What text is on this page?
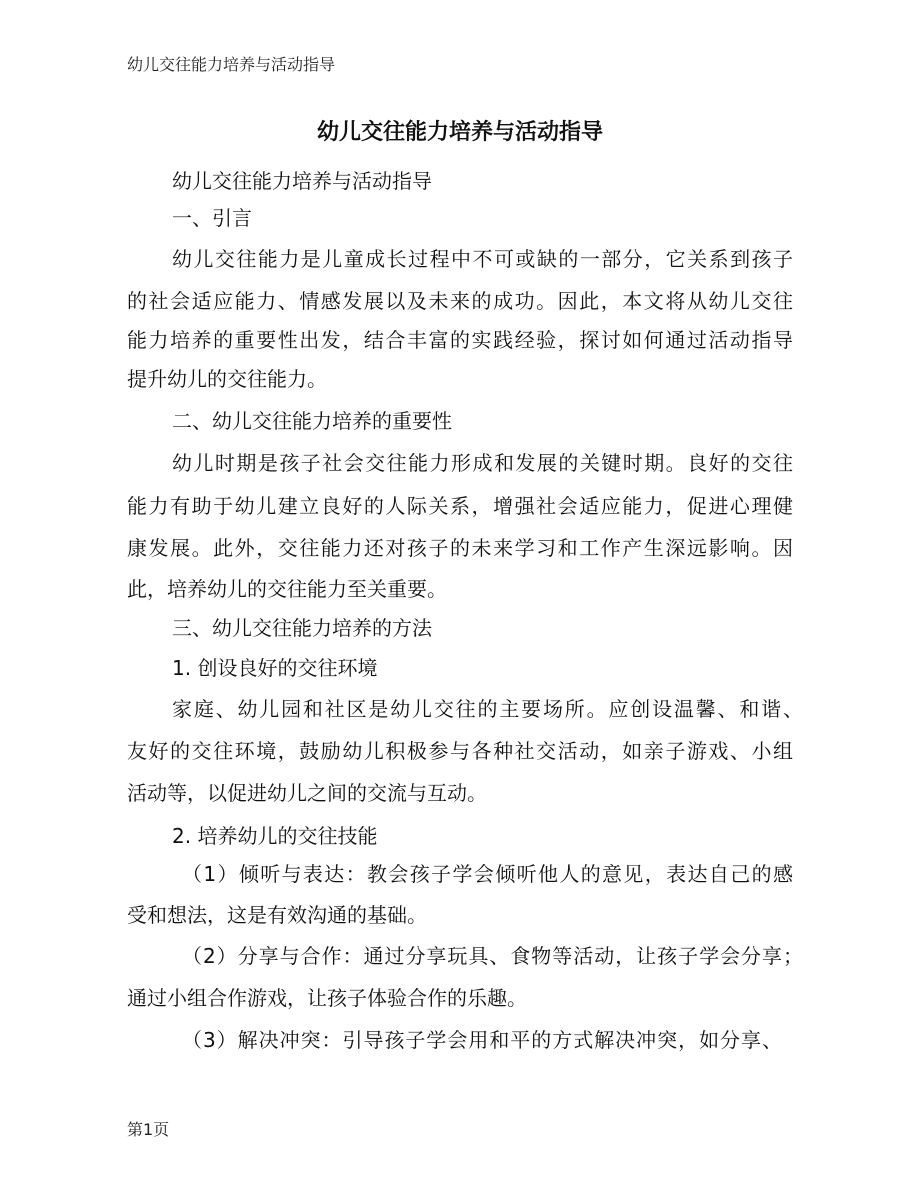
幼儿交往能力培养与活动指导
幼儿交往能力培养与活动指导
幼儿交往能力培养与活动指导
一、引言
幼儿交往能力是儿童成长过程中不可或缺的一部分，它关系到孩子
的社会适应能力、情感发展以及未来的成功。因此，本文将从幼儿交往
能力培养的重要性出发，结合丰富的实践经验，探讨如何通过活动指导
提升幼儿的交往能力。
二、幼儿交往能力培养的重要性
幼儿时期是孩子社会交往能力形成和发展的关键时期。良好的交往
能力有助于幼儿建立良好的人际关系，增强社会适应能力，促进心理健
康发展。此外，交往能力还对孩子的未来学习和工作产生深远影响。因
此，培养幼儿的交往能力至关重要。
三、幼儿交往能力培养的方法
1. 创设良好的交往环境
家庭、幼儿园和社区是幼儿交往的主要场所。应创设温馨、和谐、
友好的交往环境，鼓励幼儿积极参与各种社交活动，如亲子游戏、小组
活动等，以促进幼儿之间的交流与互动。
2. 培养幼儿的交往技能
（1）倾听与表达：教会孩子学会倾听他人的意见，表达自己的感
受和想法，这是有效沟通的基础。
（2）分享与合作：通过分享玩具、食物等活动，让孩子学会分享；
通过小组合作游戏，让孩子体验合作的乐趣。
（3）解决冲突：引导孩子学会用和平的方式解决冲突，如分享、
第1页
